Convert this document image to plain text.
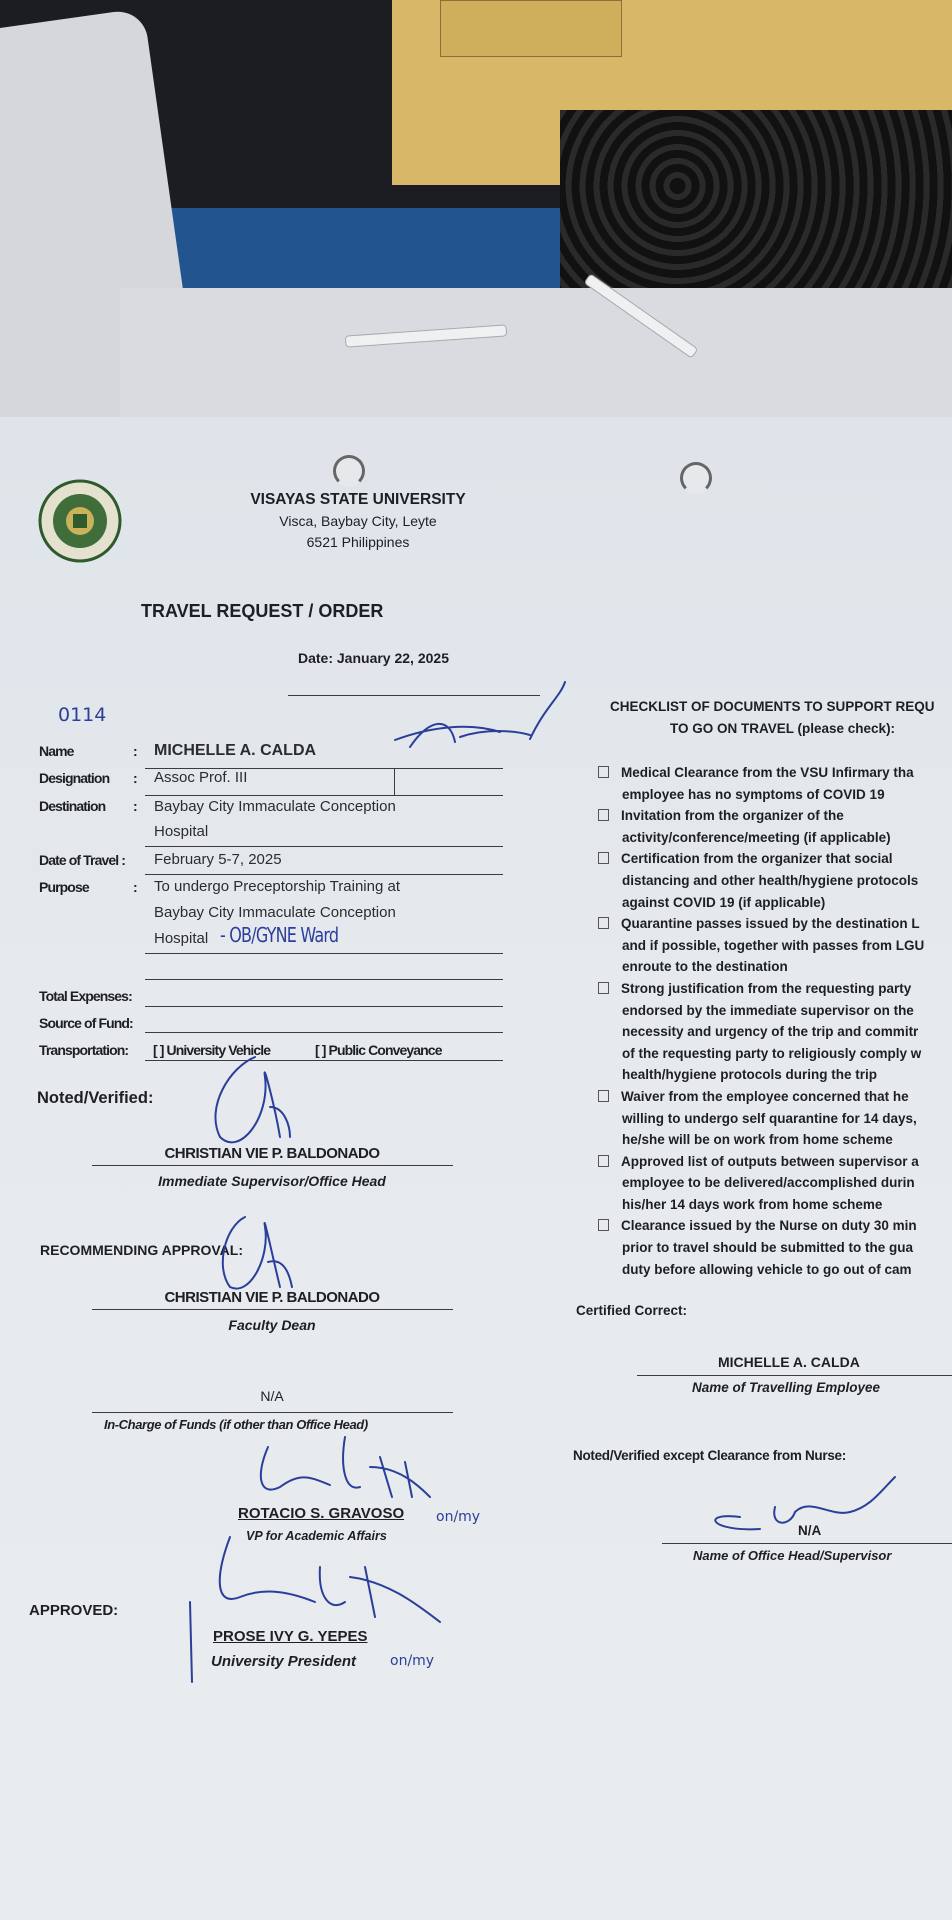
VISAYAS STATE UNIVERSITY
Visca, Baybay City, Leyte
6521 Philippines
TRAVEL REQUEST / ORDER
Date: January 22, 2025
0114
Name	: MICHELLE A. CALDA
Designation : Assoc Prof. III
Destination : Baybay City Immaculate Conception
Hospital
Date of Travel : February 5-7, 2025
Purpose	: To undergo Preceptorship Training at
Baybay City Immaculate Conception
Hospital - OB/GYNE Ward
Total Expenses:
Source of Fund:
Transportation: [ ] University Vehicle	[ ] Public Conveyance
Noted/Verified:
CHRISTIAN VIE P. BALDONADO
Immediate Supervisor/Office Head
RECOMMENDING APPROVAL:
CHRISTIAN VIE P. BALDONADO
Faculty Dean
N/A
In-Charge of Funds (if other than Office Head)
ROTACIO S. GRAVOSO on/my
VP for Academic Affairs
APPROVED:
PROSE IVY G. YEPES
University President on/my
CHECKLIST OF DOCUMENTS TO SUPPORT REQU
TO GO ON TRAVEL (please check):
Medical Clearance from the VSU Infirmary tha
employee has no symptoms of COVID 19
Invitation from the organizer of the
activity/conference/meeting (if applicable)
Certification from the organizer that social
distancing and other health/hygiene protocols
against COVID 19 (if applicable)
Quarantine passes issued by the destination L
and if possible, together with passes from LGU
enroute to the destination
Strong justification from the requesting party
endorsed by the immediate supervisor on the
necessity and urgency of the trip and commitr
of the requesting party to religiously comply w
health/hygiene protocols during the trip
Waiver from the employee concerned that he
willing to undergo self quarantine for 14 days,
he/she will be on work from home scheme
Approved list of outputs between supervisor a
employee to be delivered/accomplished durin
his/her 14 days work from home scheme
Clearance issued by the Nurse on duty 30 min
prior to travel should be submitted to the gua
duty before allowing vehicle to go out of cam
Certified Correct:
MICHELLE A. CALDA
Name of Travelling Employee
Noted/Verified except Clearance from Nurse:
N/A
Name of Office Head/Supervisor
